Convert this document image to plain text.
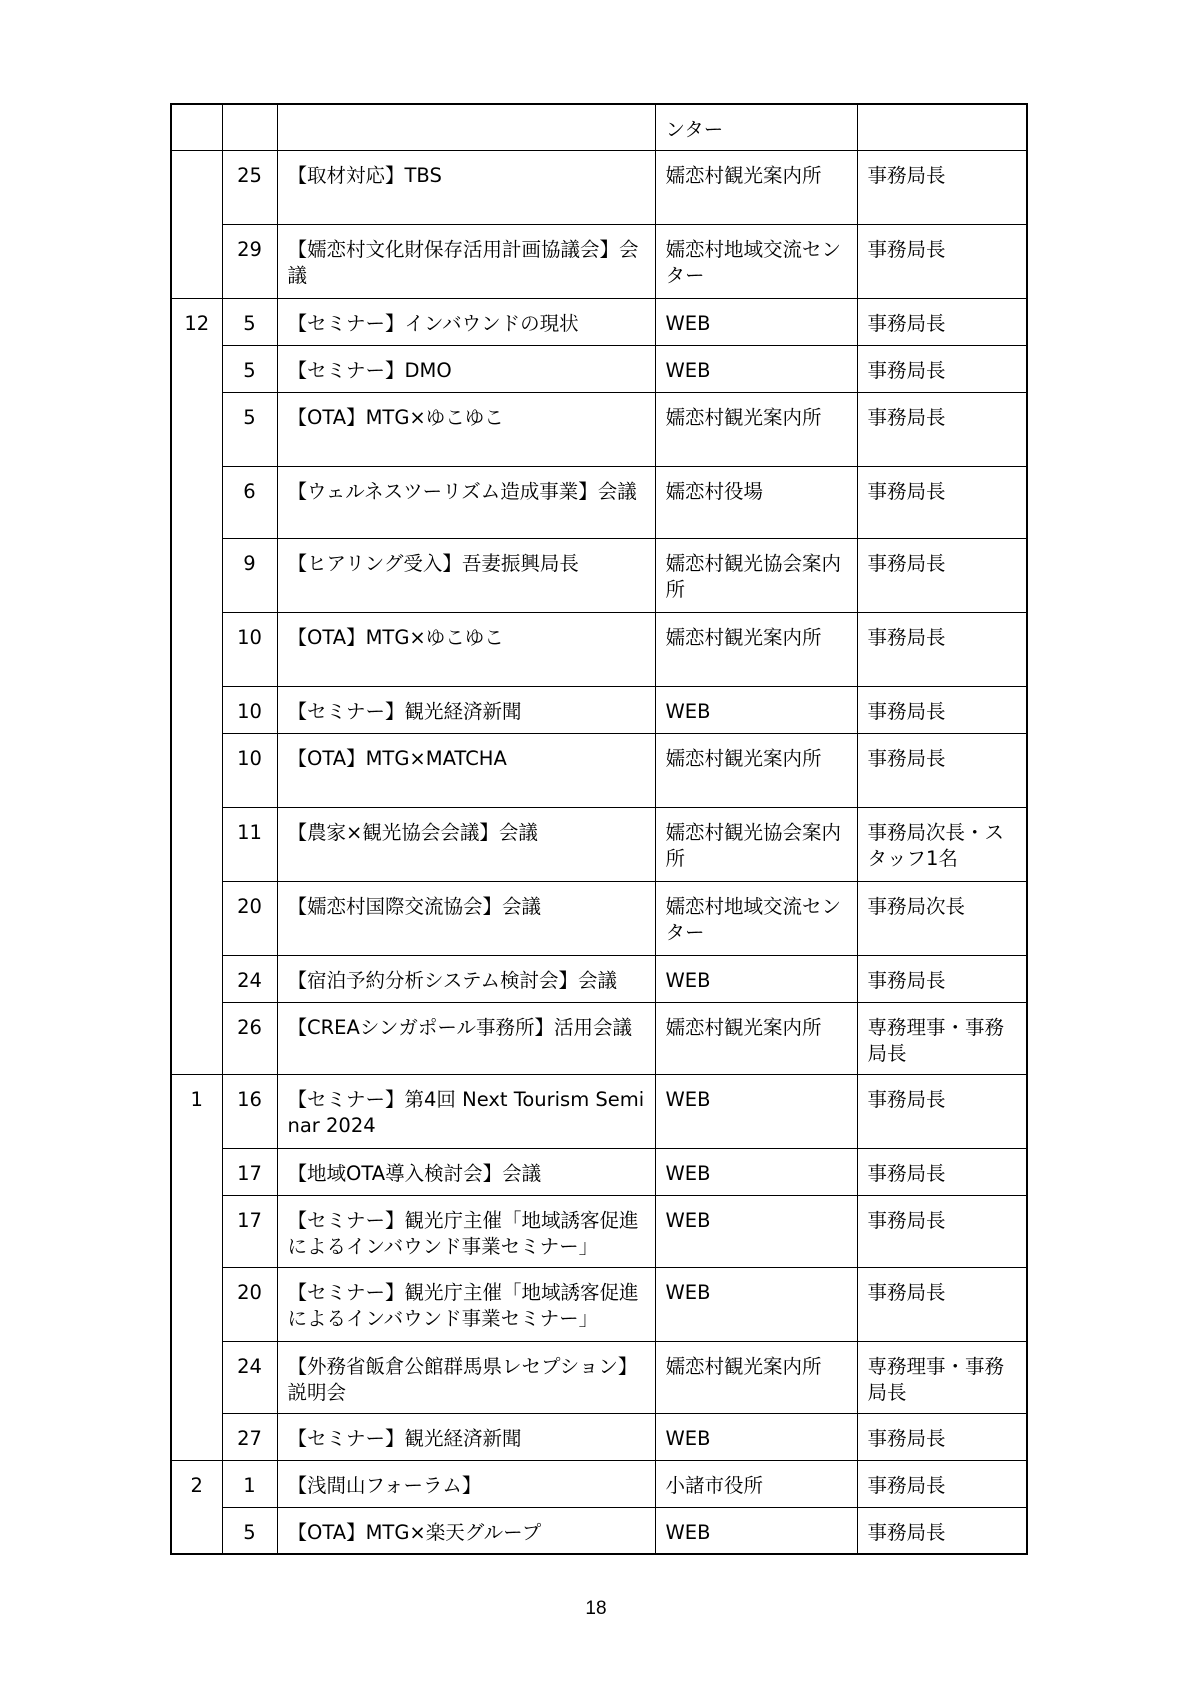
			ンター	
	25	【取材対応】TBS	嬬恋村観光案内所	事務局長
	29	【嬬恋村文化財保存活用計画協議会】会議	嬬恋村地域交流センター	事務局長
12	5	【セミナー】インバウンドの現状	WEB	事務局長
	5	【セミナー】DMO	WEB	事務局長
	5	【OTA】MTG×ゆこゆこ	嬬恋村観光案内所	事務局長
	6	【ウェルネスツーリズム造成事業】会議	嬬恋村役場	事務局長
	9	【ヒアリング受入】吾妻振興局長	嬬恋村観光協会案内所	事務局長
	10	【OTA】MTG×ゆこゆこ	嬬恋村観光案内所	事務局長
	10	【セミナー】観光経済新聞	WEB	事務局長
	10	【OTA】MTG×MATCHA	嬬恋村観光案内所	事務局長
	11	【農家×観光協会会議】会議	嬬恋村観光協会案内所	事務局次長・スタッフ1名
	20	【嬬恋村国際交流協会】会議	嬬恋村地域交流センター	事務局次長
	24	【宿泊予約分析システム検討会】会議	WEB	事務局長
	26	【CREAシンガポール事務所】活用会議	嬬恋村観光案内所	専務理事・事務局長
1	16	【セミナー】第4回 Next Tourism Seminar 2024	WEB	事務局長
	17	【地域OTA導入検討会】会議	WEB	事務局長
	17	【セミナー】観光庁主催「地域誘客促進によるインバウンド事業セミナー」	WEB	事務局長
	20	【セミナー】観光庁主催「地域誘客促進によるインバウンド事業セミナー」	WEB	事務局長
	24	【外務省飯倉公館群馬県レセプション】説明会	嬬恋村観光案内所	専務理事・事務局長
	27	【セミナー】観光経済新聞	WEB	事務局長
2	1	【浅間山フォーラム】	小諸市役所	事務局長
	5	【OTA】MTG×楽天グループ	WEB	事務局長
18
